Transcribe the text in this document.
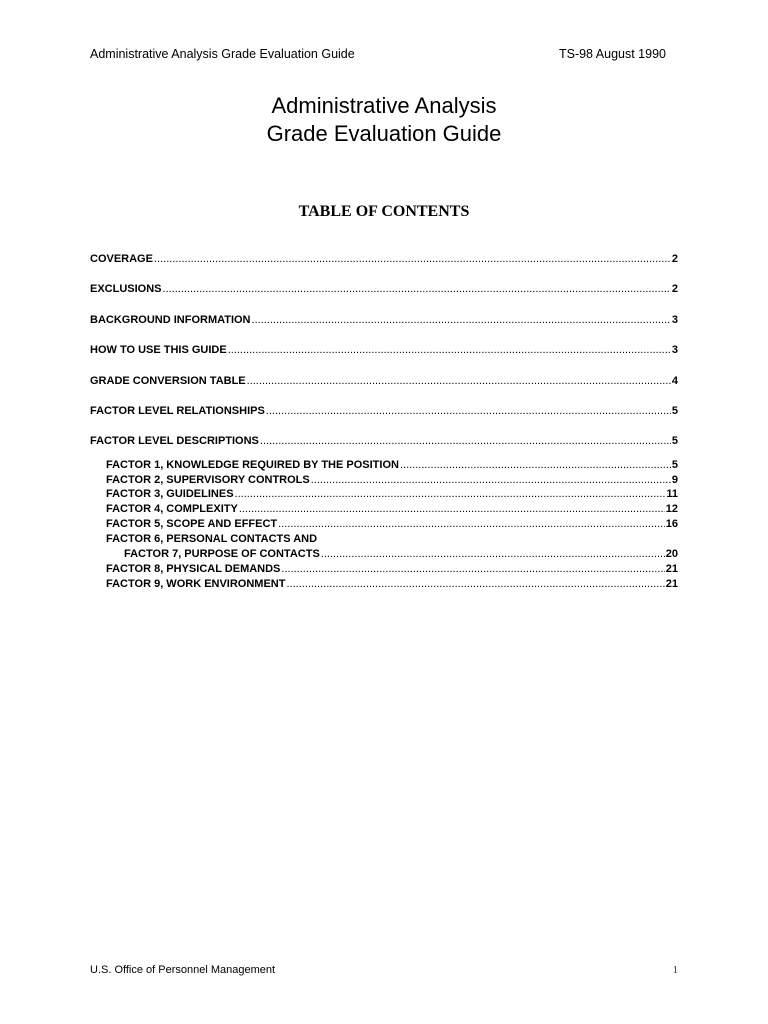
Administrative Analysis Grade Evaluation Guide	TS-98 August 1990
Administrative Analysis
Grade Evaluation Guide
TABLE OF CONTENTS
COVERAGE .....	2
EXCLUSIONS .....	2
BACKGROUND INFORMATION .....	3
HOW TO USE THIS GUIDE .....	3
GRADE CONVERSION TABLE .....	4
FACTOR LEVEL RELATIONSHIPS .....	5
FACTOR LEVEL DESCRIPTIONS .....	5
FACTOR 1, KNOWLEDGE REQUIRED BY THE POSITION .....	5
FACTOR 2, SUPERVISORY CONTROLS .....	9
FACTOR 3, GUIDELINES .....	11
FACTOR 4, COMPLEXITY .....	12
FACTOR 5, SCOPE AND EFFECT .....	16
FACTOR 6, PERSONAL CONTACTS AND
FACTOR 7, PURPOSE OF CONTACTS .....	20
FACTOR 8, PHYSICAL DEMANDS .....	21
FACTOR 9, WORK ENVIRONMENT .....	21
U.S. Office of Personnel Management	1
